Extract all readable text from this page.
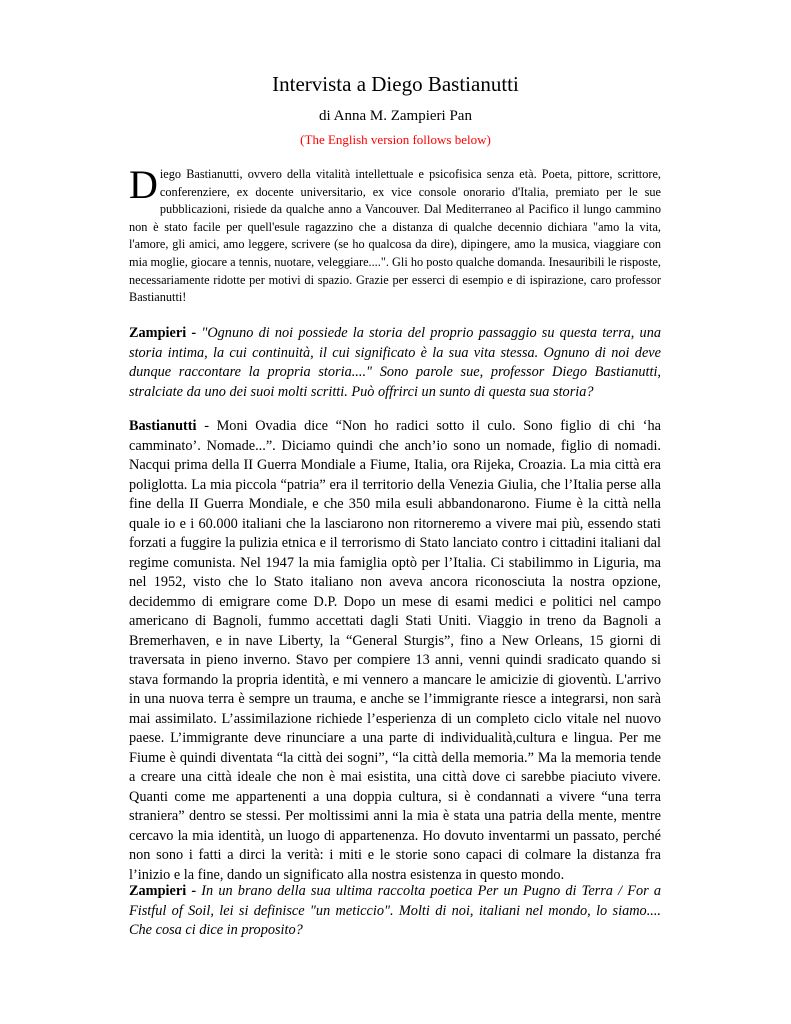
Intervista a Diego Bastianutti
di Anna M. Zampieri Pan
(The English version follows below)
Diego Bastianutti, ovvero della vitalità intellettuale e psicofisica senza età. Poeta, pittore, scrittore, conferenziere, ex docente universitario, ex vice console onorario d'Italia, premiato per le sue pubblicazioni, risiede da qualche anno a Vancouver. Dal Mediterraneo al Pacifico il lungo cammino non è stato facile per quell'esule ragazzino che a distanza di qualche decennio dichiara "amo la vita, l'amore, gli amici, amo leggere, scrivere (se ho qualcosa da dire), dipingere, amo la musica, viaggiare con mia moglie, giocare a tennis, nuotare, veleggiare....". Gli ho posto qualche domanda. Inesauribili le risposte, necessariamente ridotte per motivi di spazio. Grazie per esserci di esempio e di ispirazione, caro professor Bastianutti!
Zampieri - "Ognuno di noi possiede la storia del proprio passaggio su questa terra, una storia intima, la cui continuità, il cui significato è la sua vita stessa. Ognuno di noi deve dunque raccontare la propria storia...." Sono parole sue, professor Diego Bastianutti, stralciate da uno dei suoi molti scritti. Può offrirci un sunto di questa sua storia?
Bastianutti - Moni Ovadia dice “Non ho radici sotto il culo. Sono figlio di chi ‘ha camminato’. Nomade...”. Diciamo quindi che anch’io sono un nomade, figlio di nomadi. Nacqui prima della II Guerra Mondiale a Fiume, Italia, ora Rijeka, Croazia. La mia città era poliglotta. La mia piccola “patria” era il territorio della Venezia Giulia, che l’Italia perse alla fine della II Guerra Mondiale, e che 350 mila esuli abbandonarono. Fiume è la città nella quale io e i 60.000 italiani che la lasciarono non ritorneremo a vivere mai più, essendo stati forzati a fuggire la pulizia etnica e il terrorismo di Stato lanciato contro i cittadini italiani dal regime comunista. Nel 1947 la mia famiglia optò per l’Italia. Ci stabilimmo in Liguria, ma nel 1952, visto che lo Stato italiano non aveva ancora riconosciuta la nostra opzione, decidemmo di emigrare come D.P. Dopo un mese di esami medici e politici nel campo americano di Bagnoli, fummo accettati dagli Stati Uniti. Viaggio in treno da Bagnoli a Bremerhaven, e in nave Liberty, la “General Sturgis”, fino a New Orleans, 15 giorni di traversata in pieno inverno. Stavo per compiere 13 anni, venni quindi sradicato quando si stava formando la propria identità, e mi vennero a mancare le amicizie di gioventù. L'arrivo in una nuova terra è sempre un trauma, e anche se l’immigrante riesce a integrarsi, non sarà mai assimilato. L’assimilazione richiede l’esperienza di un completo ciclo vitale nel nuovo paese. L’immigrante deve rinunciare a una parte di individualità,cultura e lingua. Per me Fiume è quindi diventata “la città dei sogni”, “la città della memoria.” Ma la memoria tende a creare una città ideale che non è mai esistita, una città dove ci sarebbe piaciuto vivere. Quanti come me appartenenti a una doppia cultura, si è condannati a vivere “una terra straniera” dentro se stessi. Per moltissimi anni la mia è stata una patria della mente, mentre cercavo la mia identità, un luogo di appartenenza. Ho dovuto inventarmi un passato, perché non sono i fatti a dirci la verità: i miti e le storie sono capaci di colmare la distanza fra l’inizio e la fine, dando un significato alla nostra esistenza in questo mondo.
Zampieri - In un brano della sua ultima raccolta poetica Per un Pugno di Terra / For a Fistful of Soil, lei si definisce "un meticcio". Molti di noi, italiani nel mondo, lo siamo.... Che cosa ci dice in proposito?
